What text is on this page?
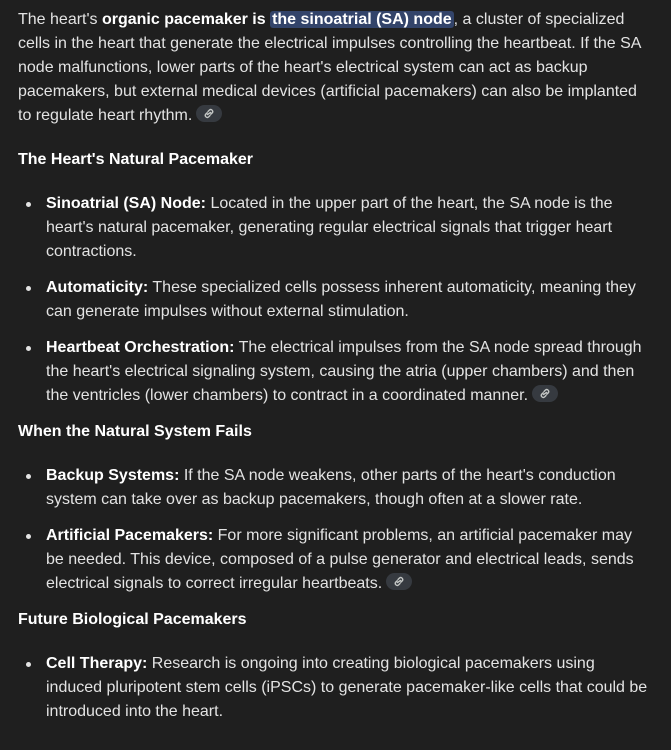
The heart's organic pacemaker is the sinoatrial (SA) node , a cluster of specialized cells in the heart that generate the electrical impulses controlling the heartbeat. If the SA node malfunctions, lower parts of the heart's electrical system can act as backup pacemakers, but external medical devices (artificial pacemakers) can also be implanted to regulate heart rhythm.

The Heart's Natural Pacemaker
Sinoatrial (SA) Node: Located in the upper part of the heart, the SA node is the heart's natural pacemaker, generating regular electrical signals that trigger heart contractions.
Automaticity: These specialized cells possess inherent automaticity, meaning they can generate impulses without external stimulation.
Heartbeat Orchestration: The electrical impulses from the SA node spread through the heart's electrical signaling system, causing the atria (upper chambers) and then the ventricles (lower chambers) to contract in a coordinated manner.
When the Natural System Fails
Backup Systems: If the SA node weakens, other parts of the heart's conduction system can take over as backup pacemakers, though often at a slower rate.
Artificial Pacemakers: For more significant problems, an artificial pacemaker may be needed. This device, composed of a pulse generator and electrical leads, sends electrical signals to correct irregular heartbeats.
Future Biological Pacemakers
Cell Therapy: Research is ongoing into creating biological pacemakers using induced pluripotent stem cells (iPSCs) to generate pacemaker-like cells that could be introduced into the heart.
